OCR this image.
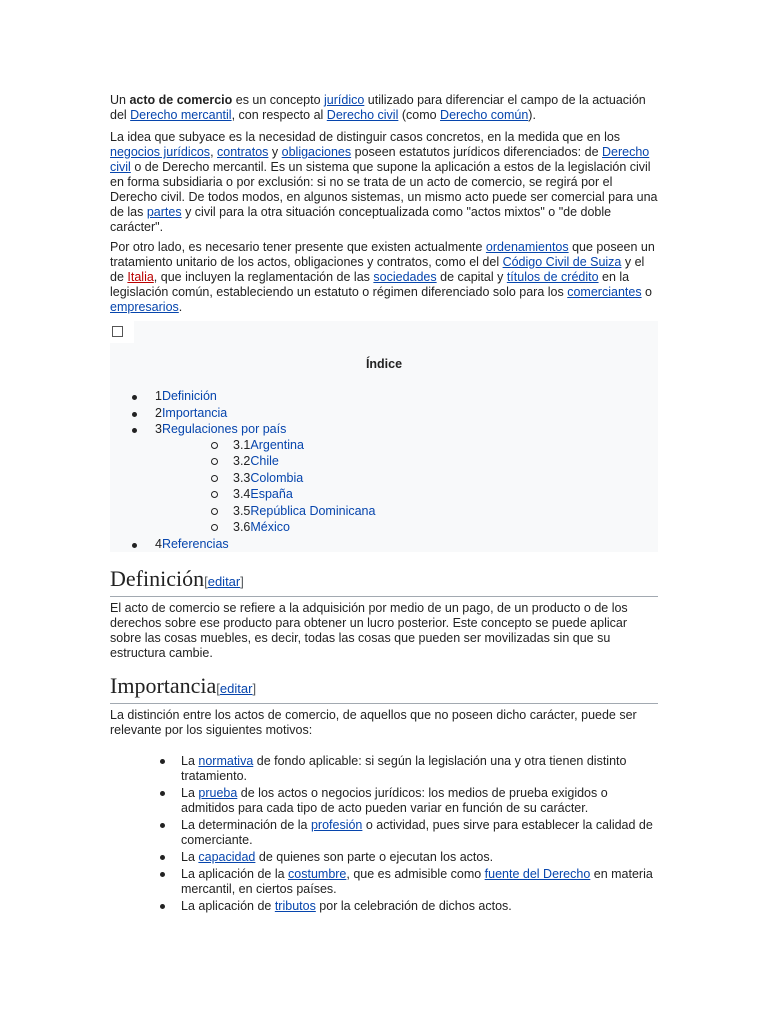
Un acto de comercio es un concepto jurídico utilizado para diferenciar el campo de la actuación del Derecho mercantil, con respecto al Derecho civil (como Derecho común).

La idea que subyace es la necesidad de distinguir casos concretos, en la medida que en los negocios jurídicos, contratos y obligaciones poseen estatutos jurídicos diferenciados: de Derecho civil o de Derecho mercantil. Es un sistema que supone la aplicación a estos de la legislación civil en forma subsidiaria o por exclusión: si no se trata de un acto de comercio, se regirá por el Derecho civil. De todos modos, en algunos sistemas, un mismo acto puede ser comercial para una de las partes y civil para la otra situación conceptualizada como "actos mixtos" o "de doble carácter".

Por otro lado, es necesario tener presente que existen actualmente ordenamientos que poseen un tratamiento unitario de los actos, obligaciones y contratos, como el del Código Civil de Suiza y el de Italia, que incluyen la reglamentación de las sociedades de capital y títulos de crédito en la legislación común, estableciendo un estatuto o régimen diferenciado solo para los comerciantes o empresarios.

Índice
1Definición
2Importancia
3Regulaciones por país
3.1Argentina
3.2Chile
3.3Colombia
3.4España
3.5República Dominicana
3.6México
4Referencias
Definición[editar]

El acto de comercio se refiere a la adquisición por medio de un pago, de un producto o de los derechos sobre ese producto para obtener un lucro posterior. Este concepto se puede aplicar sobre las cosas muebles, es decir, todas las cosas que pueden ser movilizadas sin que su estructura cambie.

Importancia[editar]

La distinción entre los actos de comercio, de aquellos que no poseen dicho carácter, puede ser relevante por los siguientes motivos:

La normativa de fondo aplicable: si según la legislación una y otra tienen distinto tratamiento.
La prueba de los actos o negocios jurídicos: los medios de prueba exigidos o admitidos para cada tipo de acto pueden variar en función de su carácter.
La determinación de la profesión o actividad, pues sirve para establecer la calidad de comerciante.
La capacidad de quienes son parte o ejecutan los actos.
La aplicación de la costumbre, que es admisible como fuente del Derecho en materia mercantil, en ciertos países.
La aplicación de tributos por la celebración de dichos actos.
